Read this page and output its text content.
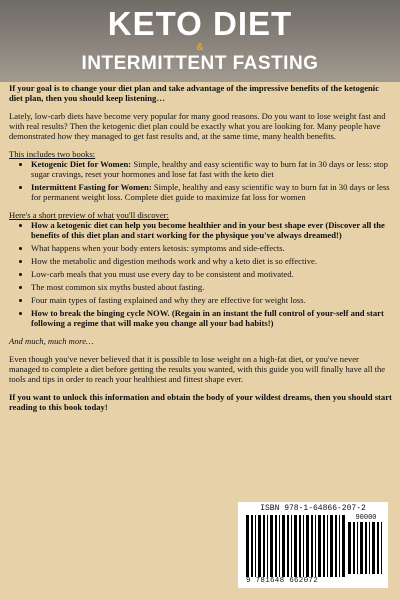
KETO DIET
&
INTERMITTENT FASTING

If your goal is to change your diet plan and take advantage of the impressive benefits of the ketogenic diet plan, then you should keep listening…

Lately, low-carb diets have become very popular for many good reasons. Do you want to lose weight fast and with real results? Then the ketogenic diet plan could be exactly what you are looking for. Many people have demonstrated how they managed to get fast results and, at the same time, many health benefits.

This includes two books:
• Ketogenic Diet for Women: Simple, healthy and easy scientific way to burn fat in 30 days or less: stop sugar cravings, reset your hormones and lose fat fast with the keto diet
• Intermittent Fasting for Women: Simple, healthy and easy scientific way to burn fat in 30 days or less for permanent weight loss. Complete diet guide to maximize fat loss for women
Here's a short preview of what you'll discover:
• How a ketogenic diet can help you become healthier and in your best shape ever (Discover all the benefits of this diet plan and start working for the physique you've always dreamed!)
• What happens when your body enters ketosis: symptoms and side-effects.
• How the metabolic and digestion methods work and why a keto diet is so effective.
• Low-carb meals that you must use every day to be consistent and motivated.
• The most common six myths busted about fasting.
• Four main types of fasting explained and why they are effective for weight loss.
• How to break the binging cycle NOW. (Regain in an instant the full control of your-self and start following a regime that will make you change all your bad habits!)

And much, much more…

Even though you've never believed that it is possible to lose weight on a high-fat diet, or you've never managed to complete a diet before getting the results you wanted, with this guide you will finally have all the tools and tips in order to reach your healthiest and fittest shape ever.

If you want to unlock this information and obtain the body of your wildest dreams, then you should start reading to this book today!

ISBN 978-1-64866-207-2
90000
9 781648 662072
